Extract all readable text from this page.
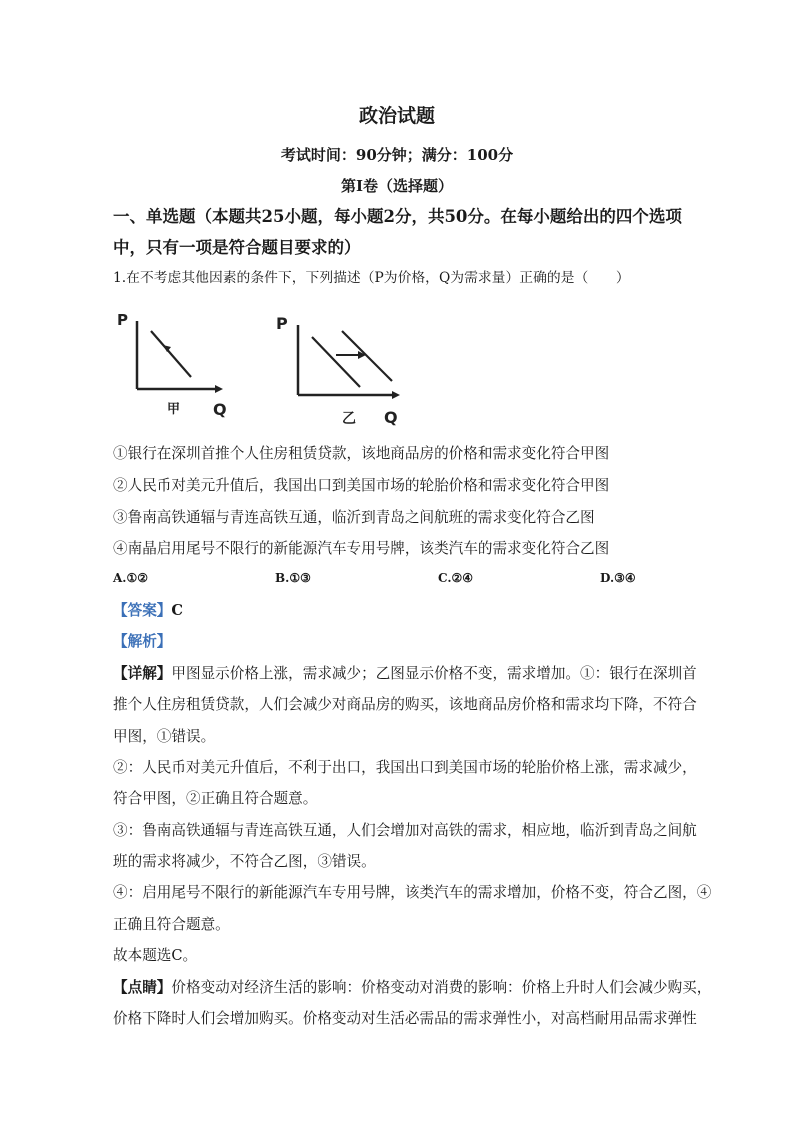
政治试题
考试时间：90分钟；满分：100分
第Ⅰ卷（选择题）
一、单选题（本题共25小题，每小题2分，共50分。在每小题给出的四个选项
中，只有一项是符合题目要求的）
1.在不考虑其他因素的条件下，下列描述（P为价格，Q为需求量）正确的是（　　）
P
Q
甲
P
Q
乙
①银行在深圳首推个人住房租赁贷款，该地商品房的价格和需求变化符合甲图
②人民币对美元升值后，我国出口到美国市场的轮胎价格和需求变化符合甲图
③鲁南高铁通辐与青连高铁互通，临沂到青岛之间航班的需求变化符合乙图
④南晶启用尾号不限行的新能源汽车专用号牌，该类汽车的需求变化符合乙图
A.①②	B.①③	C.②④	D.③④
【答案】C
【解析】
【详解】甲图显示价格上涨，需求减少；乙图显示价格不变，需求增加。①：银行在深圳首
推个人住房租赁贷款，人们会减少对商品房的购买，该地商品房价格和需求均下降，不符合
甲图，①错误。
②：人民币对美元升值后，不利于出口，我国出口到美国市场的轮胎价格上涨，需求减少，
符合甲图，②正确且符合题意。
③：鲁南高铁通辐与青连高铁互通，人们会增加对高铁的需求，相应地，临沂到青岛之间航
班的需求将减少，不符合乙图，③错误。
④：启用尾号不限行的新能源汽车专用号牌，该类汽车的需求增加，价格不变，符合乙图，④
正确且符合题意。
故本题选C。
【点睛】价格变动对经济生活的影响：价格变动对消费的影响：价格上升时人们会减少购买，
价格下降时人们会增加购买。价格变动对生活必需品的需求弹性小，对高档耐用品需求弹性
